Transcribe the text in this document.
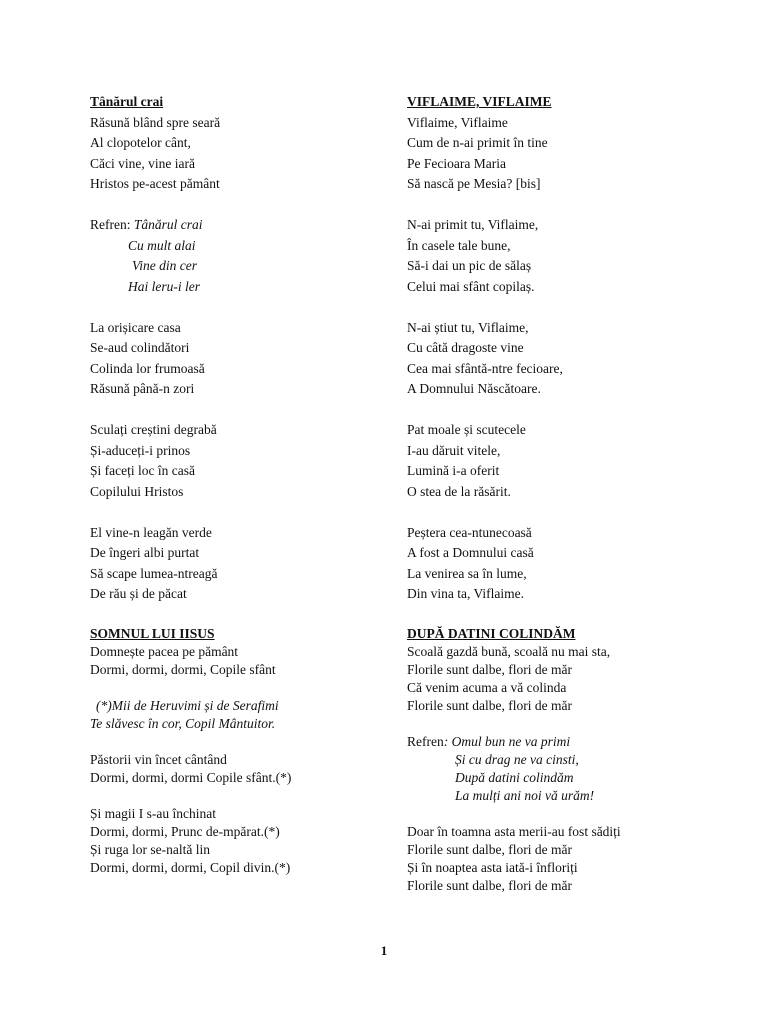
Tânărul crai
Răsună blând spre seară
Al clopotelor cânt,
Căci vine, vine iară
Hristos pe-acest pământ
Refren: Tânărul crai
Cu mult alai
Vine din cer
Hai leru-i ler
La orișicare casa
Se-aud colindători
Colinda lor frumoasă
Răsună până-n zori
Sculați creștini degrabă
Și-aduceți-i prinos
Și faceți loc în casă
Copilului Hristos
El vine-n leagăn verde
De îngeri albi purtat
Să scape lumea-ntreagă
De rău și de păcat
SOMNUL LUI IISUS
Domnește pacea pe pământ
Dormi, dormi, dormi, Copile sfânt
(*)Mii de Heruvimi și de Serafimi
Te slăvesc în cor, Copil Mântuitor.
Păstorii vin încet cântând
Dormi, dormi, dormi Copile sfânt.(*)
Și magii I s-au închinat
Dormi, dormi, Prunc de-mpărat.(*)
Și ruga lor se-naltă lin
Dormi, dormi, dormi, Copil divin.(*)
VIFLAIME, VIFLAIME
Viflaime, Viflaime
Cum de n-ai primit în tine
Pe Fecioara Maria
Să nască pe Mesia? [bis]
N-ai primit tu, Viflaime,
În casele tale bune,
Să-i dai un pic de sălaș
Celui mai sfânt copilaș.
N-ai știut tu, Viflaime,
Cu câtă dragoste vine
Cea mai sfântă-ntre fecioare,
A Domnului Născătoare.
Pat moale și scutecele
I-au dăruit vitele,
Lumină i-a oferit
O stea de la răsărit.
Peștera cea-ntunecoasă
A fost a Domnului casă
La venirea sa în lume,
Din vina ta, Viflaime.
DUPĂ DATINI COLINDĂM
Scoală gazdă bună, scoală nu mai sta,
Florile sunt dalbe, flori de măr
Că venim acuma a vă colinda
Florile sunt dalbe, flori de măr
Refren: Omul bun ne va primi
Și cu drag ne va cinsti,
După datini colindăm
La mulți ani noi vă urăm!
Doar în toamna asta merii-au fost sădiți
Florile sunt dalbe, flori de măr
Și în noaptea asta iată-i înfloriți
Florile sunt dalbe, flori de măr
1
